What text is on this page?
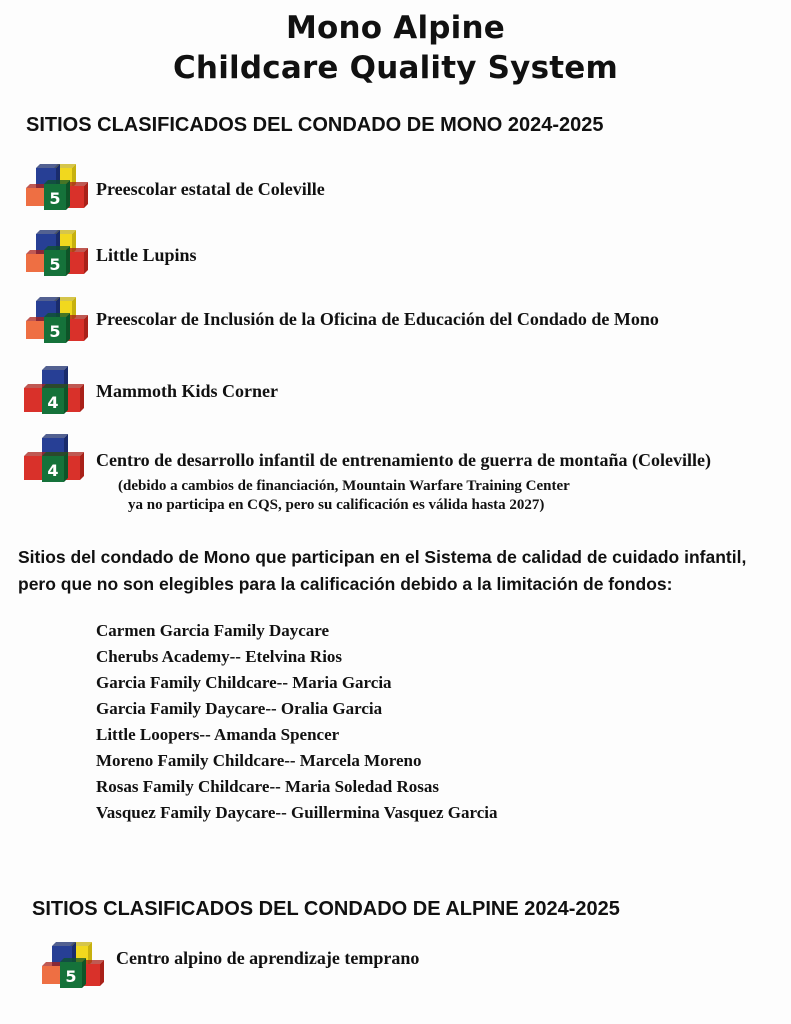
Mono Alpine
Childcare Quality System
SITIOS CLASIFICADOS DEL CONDADO DE MONO 2024-2025
5 Preescolar estatal de Coleville
5 Little Lupins
5
Preescolar de Inclusión de la Oficina de Educación del Condado de Mono
4
Mammoth Kids Corner
4
Centro de desarrollo infantil de entrenamiento de guerra de montaña (Coleville)
(debido a cambios de financiación, Mountain Warfare Training Center
ya no participa en CQS, pero su calificación es válida hasta 2027)
Sitios del condado de Mono que participan en el Sistema de calidad de cuidado infantil, pero que no son elegibles para la calificación debido a la limitación de fondos:
Carmen Garcia Family Daycare
Cherubs Academy-- Etelvina Rios
Garcia Family Childcare-- Maria Garcia
Garcia Family Daycare-- Oralia Garcia
Little Loopers-- Amanda Spencer
Moreno Family Childcare-- Marcela Moreno
Rosas Family Childcare-- Maria Soledad Rosas
Vasquez Family Daycare-- Guillermina Vasquez Garcia
SITIOS CLASIFICADOS DEL CONDADO DE ALPINE 2024-2025
5
Centro alpino de aprendizaje temprano
